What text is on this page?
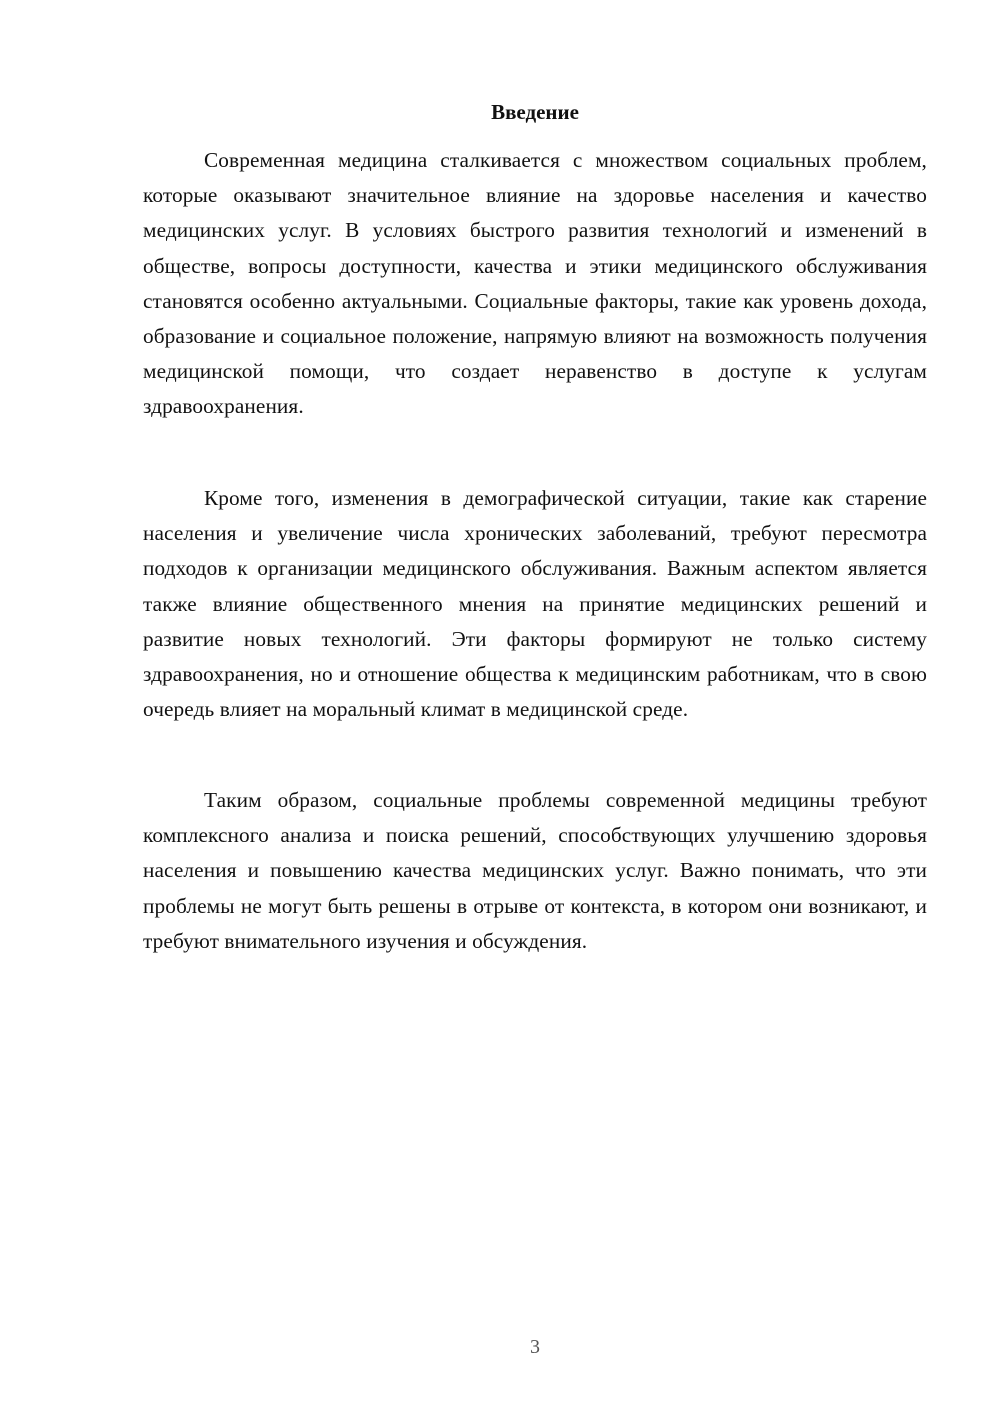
Введение

Современная медицина сталкивается с множеством социальных проблем, которые оказывают значительное влияние на здоровье населения и качество медицинских услуг. В условиях быстрого развития технологий и изменений в обществе, вопросы доступности, качества и этики медицинского обслуживания становятся особенно актуальными. Социальные факторы, такие как уровень дохода, образование и социальное положение, напрямую влияют на возможность получения медицинской помощи, что создает неравенство в доступе к услугам здравоохранения.

Кроме того, изменения в демографической ситуации, такие как старение населения и увеличение числа хронических заболеваний, требуют пересмотра подходов к организации медицинского обслуживания. Важным аспектом является также влияние общественного мнения на принятие медицинских решений и развитие новых технологий. Эти факторы формируют не только систему здравоохранения, но и отношение общества к медицинским работникам, что в свою очередь влияет на моральный климат в медицинской среде.

Таким образом, социальные проблемы современной медицины требуют комплексного анализа и поиска решений, способствующих улучшению здоровья населения и повышению качества медицинских услуг. Важно понимать, что эти проблемы не могут быть решены в отрыве от контекста, в котором они возникают, и требуют внимательного изучения и обсуждения.

3
